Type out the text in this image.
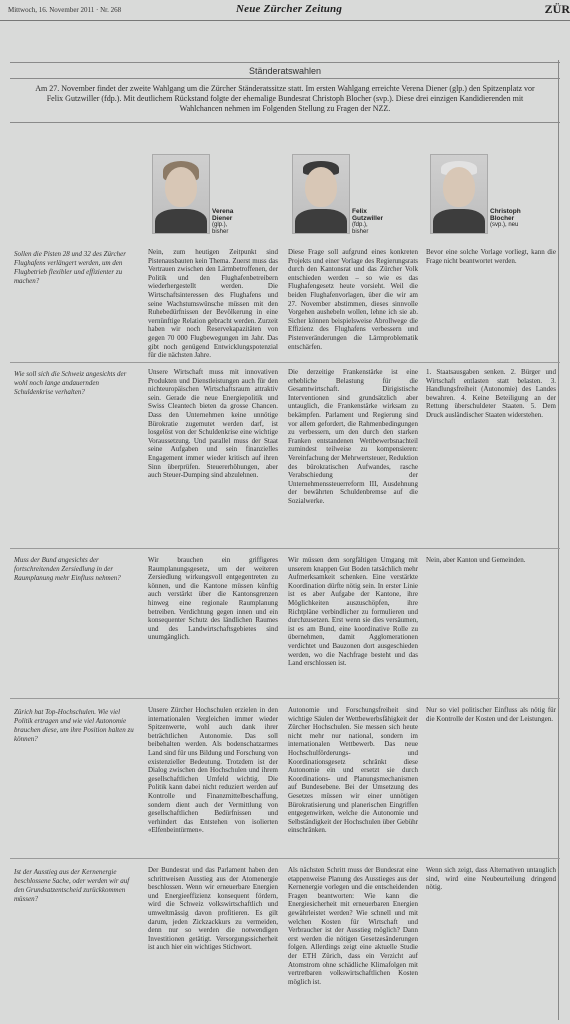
Mittwoch, 16. November 2011 · Nr. 268	Neue Zürcher Zeitung	ZÜR
Ständeratswahlen
Am 27. November findet der zweite Wahlgang um die Zürcher Ständeratssitze statt. Im ersten Wahlgang erreichte Verena Diener (glp.) den Spitzenplatz vor Felix Gutzwiller (fdp.). Mit deutlichem Rückstand folgte der ehemalige Bundesrat Christoph Blocher (svp.). Diese drei einzigen Kandidierenden mit Wahlchancen nehmen im Folgenden Stellung zu Fragen der NZZ.
Verena
Diener
(glp.), bisher
Felix
Gutzwiller
(fdp.), bisher
Christoph
Blocher
(svp.), neu
Sollen die Pisten 28 und 32 des Zürcher Flughafens verlängert werden, um den Flugbetrieb flexibler und effizienter zu machen?
Nein, zum heutigen Zeitpunkt sind Pistenausbauten kein Thema. Zuerst muss das Vertrauen zwischen den Lärmbetroffenen, der Politik und den Flughafenbetreibern wiederhergestellt werden. Die Wirtschaftsinteressen des Flughafens und seine Wachstumswünsche müssen mit den Ruhebedürfnissen der Bevölkerung in eine vernünftige Relation gebracht werden. Zurzeit haben wir noch Reservekapazitäten von gegen 70 000 Flugbewegungen im Jahr. Das gibt noch genügend Entwicklungspotenzial für die nächsten Jahre.
Diese Frage soll aufgrund eines konkreten Projekts und einer Vorlage des Regierungsrats durch den Kantonsrat und das Zürcher Volk entschieden werden – so wie es das Flughafengesetz heute vorsieht. Weil die beiden Flughafenvorlagen, über die wir am 27. November abstimmen, dieses sinnvolle Vorgehen aushebeln wollen, lehne ich sie ab. Sicher können beispielsweise Abrollwege die Effizienz des Flughafens verbessern und Pistenveränderungen die Lärmproblematik entschärfen.
Bevor eine solche Vorlage vorliegt, kann die Frage nicht beantwortet werden.
Wie soll sich die Schweiz angesichts der wohl noch lange andauernden Schuldenkrise verhalten?
Unsere Wirtschaft muss mit innovativen Produkten und Dienstleistungen auch für den nichteuropäischen Wirtschaftsraum attraktiv sein. Gerade die neue Energiepolitik und Swiss Cleantech bieten da grosse Chancen. Dass den Unternehmen keine unnötige Bürokratie zugemutet werden darf, ist losgelöst von der Schuldenkrise eine wichtige Voraussetzung. Und parallel muss der Staat seine Aufgaben und sein finanzielles Engagement immer wieder kritisch auf ihren Sinn überprüfen. Steuererhöhungen, aber auch Steuer-Dumping sind abzulehnen.
Die derzeitige Frankenstärke ist eine erhebliche Belastung für die Gesamtwirtschaft. Dirigistische Interventionen sind grundsätzlich aber untauglich, die Frankenstärke wirksam zu bekämpfen. Parlament und Regierung sind vor allem gefordert, die Rahmenbedingungen zu verbessern, um den durch den starken Franken entstandenen Wettbewerbsnachteil zumindest teilweise zu kompensieren: Vereinfachung der Mehrwertsteuer, Reduktion des bürokratischen Aufwandes, rasche Verabschiedung der Unternehmenssteuerreform III, Ausdehnung der bewährten Schuldenbremse auf die Sozialwerke.
1. Staatsausgaben senken. 2. Bürger und Wirtschaft entlasten statt belasten. 3. Handlungsfreiheit (Autonomie) des Landes bewahren. 4. Keine Beteiligung an der Rettung überschuldeter Staaten. 5. Dem Druck ausländischer Staaten widerstehen.
Muss der Bund angesichts der fortschreitenden Zersiedlung in der Raumplanung mehr Einfluss nehmen?
Wir brauchen ein griffigeres Raumplanungsgesetz, um der weiteren Zersiedlung wirkungsvoll entgegentreten zu können, und die Kantone müssen künftig auch verstärkt über die Kantonsgrenzen hinweg eine regionale Raumplanung betreiben. Verdichtung gegen innen und ein konsequenter Schutz des ländlichen Raumes und des Landwirtschaftsgebietes sind unumgänglich.
Wir müssen dem sorgfältigen Umgang mit unserem knappen Gut Boden tatsächlich mehr Aufmerksamkeit schenken. Eine verstärkte Koordination dürfte nötig sein. In erster Linie ist es aber Aufgabe der Kantone, ihre Möglichkeiten auszuschöpfen, ihre Richtpläne verbindlicher zu formulieren und durchzusetzen. Erst wenn sie dies versäumen, ist es am Bund, eine koordinative Rolle zu übernehmen, damit Agglomerationen verdichtet und Bauzonen dort ausgeschieden werden, wo die Nachfrage besteht und das Land erschlossen ist.
Nein, aber Kanton und Gemeinden.
Zürich hat Top-Hochschulen. Wie viel Politik ertragen und wie viel Autonomie brauchen diese, um ihre Position halten zu können?
Unsere Zürcher Hochschulen erzielen in den internationalen Vergleichen immer wieder Spitzenwerte, wohl auch dank ihrer beträchtlichen Autonomie. Das soll beibehalten werden. Als bodenschatzarmes Land sind für uns Bildung und Forschung von existenzieller Bedeutung. Trotzdem ist der Dialog zwischen den Hochschulen und ihrem gesellschaftlichen Umfeld wichtig. Die Politik kann dabei nicht reduziert werden auf Kontrolle und Finanzmittelbeschaffung, sondern dient auch der Vermittlung von gesellschaftlichen Bedürfnissen und verhindert das Entstehen von isolierten «Elfenbeintürmen».
Autonomie und Forschungsfreiheit sind wichtige Säulen der Wettbewerbsfähigkeit der Zürcher Hochschulen. Sie messen sich heute nicht mehr nur national, sondern im internationalen Wettbewerb. Das neue Hochschulförderungs- und Koordinationsgesetz schränkt diese Autonomie ein und ersetzt sie durch Koordinations- und Planungsmechanismen auf Bundesebene. Bei der Umsetzung des Gesetzes müssen wir einer unnötigen Bürokratisierung und planerischen Eingriffen entgegenwirken, welche die Autonomie und Selbständigkeit der Hochschulen über Gebühr einschränken.
Nur so viel politischer Einfluss als nötig für die Kontrolle der Kosten und der Leistungen.
Ist der Ausstieg aus der Kernenergie beschlossene Sache, oder werden wir auf den Grundsatzentscheid zurückkommen müssen?
Der Bundesrat und das Parlament haben den schrittweisen Ausstieg aus der Atomenergie beschlossen. Wenn wir erneuerbare Energien und Energieeffizienz konsequent fördern, wird die Schweiz volkswirtschaftlich und umweltmässig davon profitieren. Es gilt darum, jeden Zickzackkurs zu vermeiden, denn nur so werden die notwendigen Investitionen getätigt. Versorgungssicherheit ist auch hier ein wichtiges Stichwort.
Als nächsten Schritt muss der Bundesrat eine etappenweise Planung des Ausstieges aus der Kernenergie vorlegen und die entscheidenden Fragen beantworten: Wie kann die Energiesicherheit mit erneuerbaren Energien gewährleistet werden? Wie schnell und mit welchen Kosten für Wirtschaft und Verbraucher ist der Ausstieg möglich? Dann erst werden die nötigen Gesetzesänderungen folgen. Allerdings zeigt eine aktuelle Studie der ETH Zürich, dass ein Verzicht auf Atomstrom ohne schädliche Klimafolgen mit vertretbaren volkswirtschaftlichen Kosten möglich ist.
Wenn sich zeigt, dass Alternativen untauglich sind, wird eine Neubeurteilung dringend nötig.
